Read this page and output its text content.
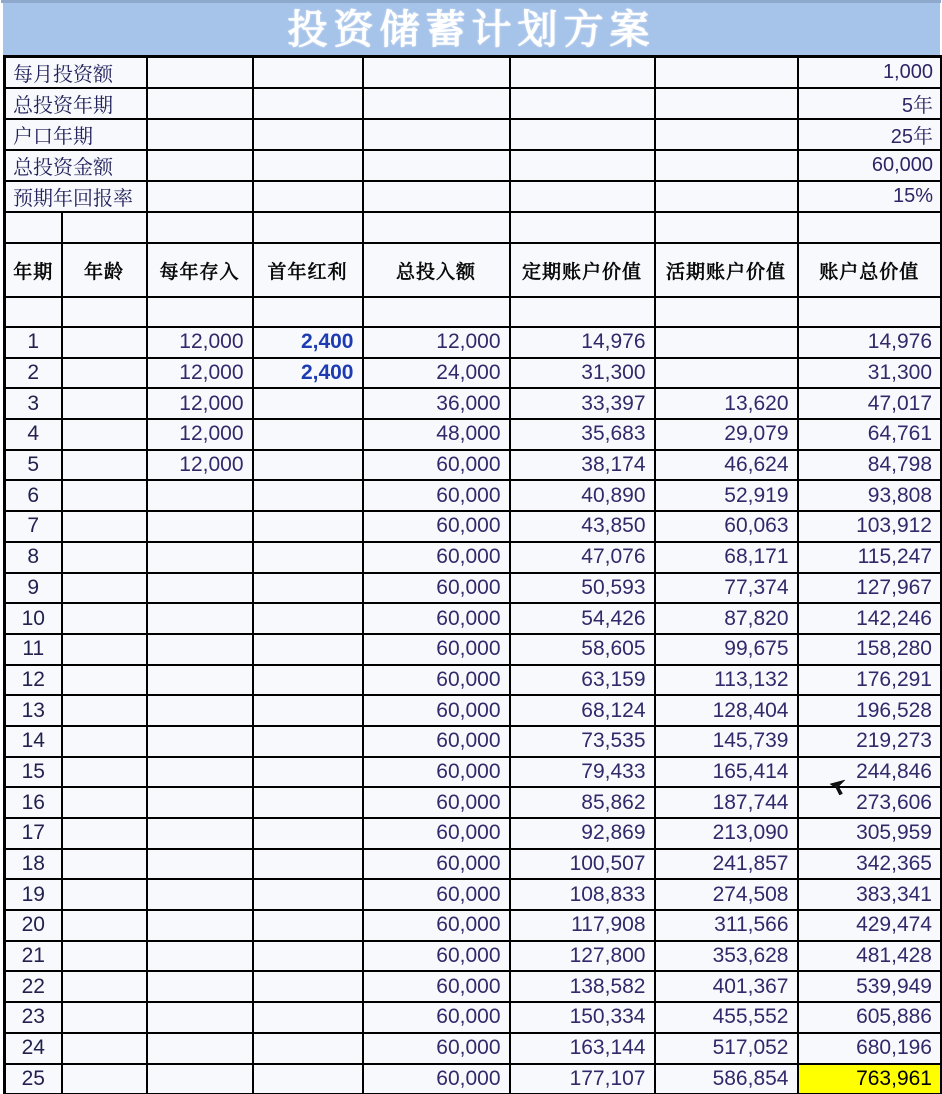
投资储蓄计划方案
每月投资额							1,000
总投资年期							5年
户口年期							25年
总投资金额							60,000
预期年回报率							15%

年期	年龄	每年存入	首年红利	总投入额	定期账户价值	活期账户价值	账户总价值

1		12,000	2,400	12,000	14,976		14,976
2		12,000	2,400	24,000	31,300		31,300
3		12,000		36,000	33,397	13,620	47,017
4		12,000		48,000	35,683	29,079	64,761
5		12,000		60,000	38,174	46,624	84,798
6				60,000	40,890	52,919	93,808
7				60,000	43,850	60,063	103,912
8				60,000	47,076	68,171	115,247
9				60,000	50,593	77,374	127,967
10				60,000	54,426	87,820	142,246
11				60,000	58,605	99,675	158,280
12				60,000	63,159	113,132	176,291
13				60,000	68,124	128,404	196,528
14				60,000	73,535	145,739	219,273
15				60,000	79,433	165,414	244,846
16				60,000	85,862	187,744	273,606
17				60,000	92,869	213,090	305,959
18				60,000	100,507	241,857	342,365
19				60,000	108,833	274,508	383,341
20				60,000	117,908	311,566	429,474
21				60,000	127,800	353,628	481,428
22				60,000	138,582	401,367	539,949
23				60,000	150,334	455,552	605,886
24				60,000	163,144	517,052	680,196
25				60,000	177,107	586,854	763,961
